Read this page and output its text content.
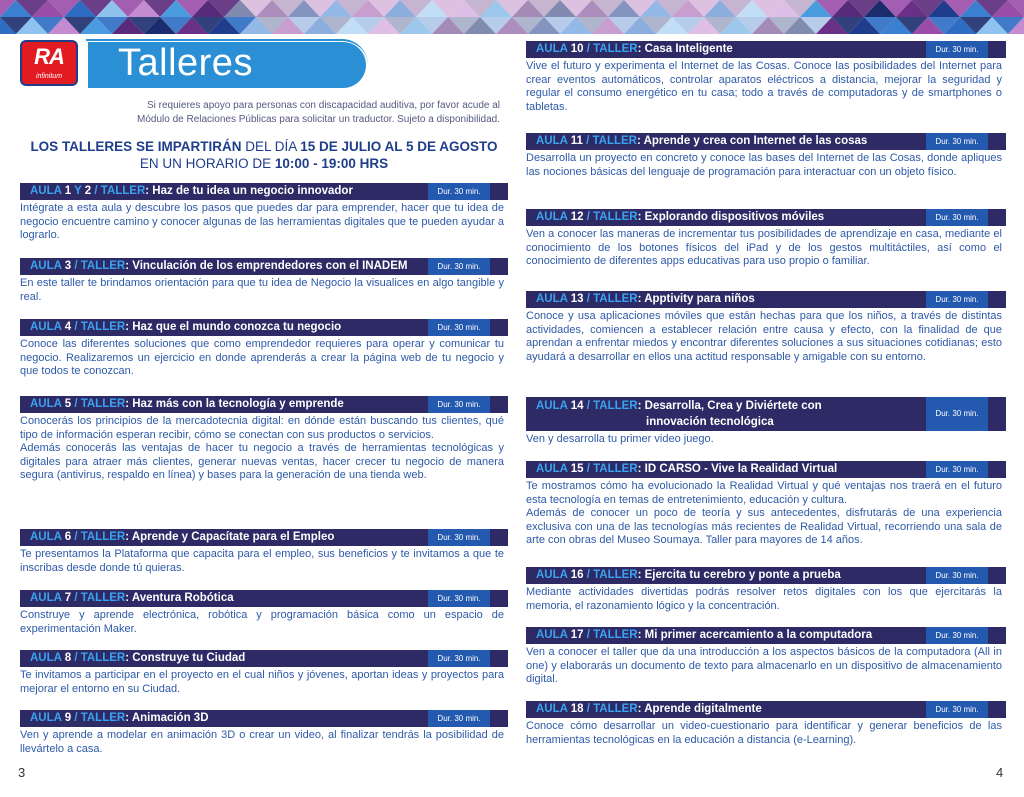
RA
infinitum	Talleres
Si requieres apoyo para personas con discapacidad auditiva, por favor acude al
Módulo de Relaciones Públicas para solicitar un traductor. Sujeto a disponibilidad.
LOS TALLERES SE IMPARTIRÁN DEL DÍA 15 DE JULIO AL 5 DE AGOSTO
EN UN HORARIO DE 10:00 - 19:00 HRS
AULA 1 Y 2 / TALLER: Haz de tu idea un negocio innovador	Dur. 30 min.

Intégrate a esta aula y descubre los pasos que puedes dar para emprender, hacer que tu idea de negocio encuentre camino y conocer algunas de las herramientas digitales que te pueden ayudar a lograrlo.

AULA 3 / TALLER: Vinculación de los emprendedores con el INADEM	Dur. 30 min.

En este taller te brindamos orientación para que tu idea de Negocio la visualices en algo tangible y real.

AULA 4 / TALLER: Haz que el mundo conozca tu negocio	Dur. 30 min.

Conoce las diferentes soluciones que como emprendedor requieres para operar y comunicar tu negocio. Realizaremos un ejercicio en donde aprenderás a crear la página web de tu negocio y que todos te conozcan.

AULA 5 / TALLER: Haz más con la tecnología y emprende	Dur. 30 min.

Conocerás los principios de la mercadotecnia digital: en dónde están buscando tus clientes, qué tipo de información esperan recibir, cómo se conectan con sus productos o servicios.

Además conocerás las ventajas de hacer tu negocio a través de herramientas tecnológicas y digitales para atraer más clientes, generar nuevas ventas, hacer crecer tu negocio de manera segura (antivirus, respaldo en línea) y bases para la generación de una tienda web.

AULA 6 / TALLER: Aprende y Capacítate para el Empleo	Dur. 30 min.

Te presentamos la Plataforma que capacita para el empleo, sus beneficios y te invitamos a que te inscribas desde donde tú quieras.

AULA 7 / TALLER: Aventura Robótica	Dur. 30 min.

Construye y aprende electrónica, robótica y programación básica como un espacio de experimentación Maker.

AULA 8 / TALLER: Construye tu Ciudad	Dur. 30 min.

Te invitamos a participar en el proyecto en el cual niños y jóvenes, aportan ideas y proyectos para mejorar el entorno en su Ciudad.

AULA 9 / TALLER: Animación 3D	Dur. 30 min.

Ven y aprende a modelar en animación 3D o crear un video, al finalizar tendrás la posibilidad de llevártelo a casa.

AULA 10 / TALLER: Casa Inteligente	Dur. 30 min.

Vive el futuro y experimenta el Internet de las Cosas. Conoce las posibilidades del Internet para crear eventos automáticos, controlar aparatos eléctricos a distancia, mejorar la seguridad y regular el consumo energético en tu casa; todo a través de computadoras y de smartphones o tabletas.

AULA 11 / TALLER: Aprende y crea con Internet de las cosas	Dur. 30 min.

Desarrolla un proyecto en concreto y conoce las bases del Internet de las Cosas, donde apliques las nociones básicas del lenguaje de programación para interactuar con un objeto físico.

AULA 12 / TALLER: Explorando dispositivos móviles	Dur. 30 min.

Ven a conocer las maneras de incrementar tus posibilidades de aprendizaje en casa, mediante el conocimiento de los botones físicos del iPad y de los gestos multitáctiles, así como el conocimiento de diferentes apps educativas para uso propio o familiar.

AULA 13 / TALLER: Apptivity para niños	Dur. 30 min.

Conoce y usa aplicaciones móviles que están hechas para que los niños, a través de distintas actividades, comiencen a establecer relación entre causa y efecto, con la finalidad de que aprendan a enfrentar miedos y encontrar diferentes soluciones a sus situaciones cotidianas; esto ayudará a desarrollar en ellos una actitud responsable y amigable con su entorno.

AULA 14 / TALLER: Desarrolla, Crea y Diviértete con
innovación tecnológica
Dur. 30 min.

Ven y desarrolla tu primer video juego.

AULA 15 / TALLER: ID CARSO - Vive la Realidad Virtual	Dur. 30 min.

Te mostramos cómo ha evolucionado la Realidad Virtual y qué ventajas nos traerá en el futuro esta tecnología en temas de entretenimiento, educación y cultura.

Además de conocer un poco de teoría y sus antecedentes, disfrutarás de una experiencia exclusiva con una de las tecnologías más recientes de Realidad Virtual, recorriendo una sala de arte con obras del Museo Soumaya. Taller para mayores de 14 años.

AULA 16 / TALLER: Ejercita tu cerebro y ponte a prueba	Dur. 30 min.

Mediante actividades divertidas podrás resolver retos digitales con los que ejercitarás la memoria, el razonamiento lógico y la concentración.

AULA 17 / TALLER: Mi primer acercamiento a la computadora	Dur. 30 min.

Ven a conocer el taller que da una introducción a los aspectos básicos de la computadora (All in one) y elaborarás un documento de texto para almacenarlo en un dispositivo de almacenamiento digital.

AULA 18 / TALLER: Aprende digitalmente	Dur. 30 min.

Conoce cómo desarrollar un video-cuestionario para identificar y generar beneficios de las herramientas tecnológicas en la educación a distancia (e-Learning).

3	4
